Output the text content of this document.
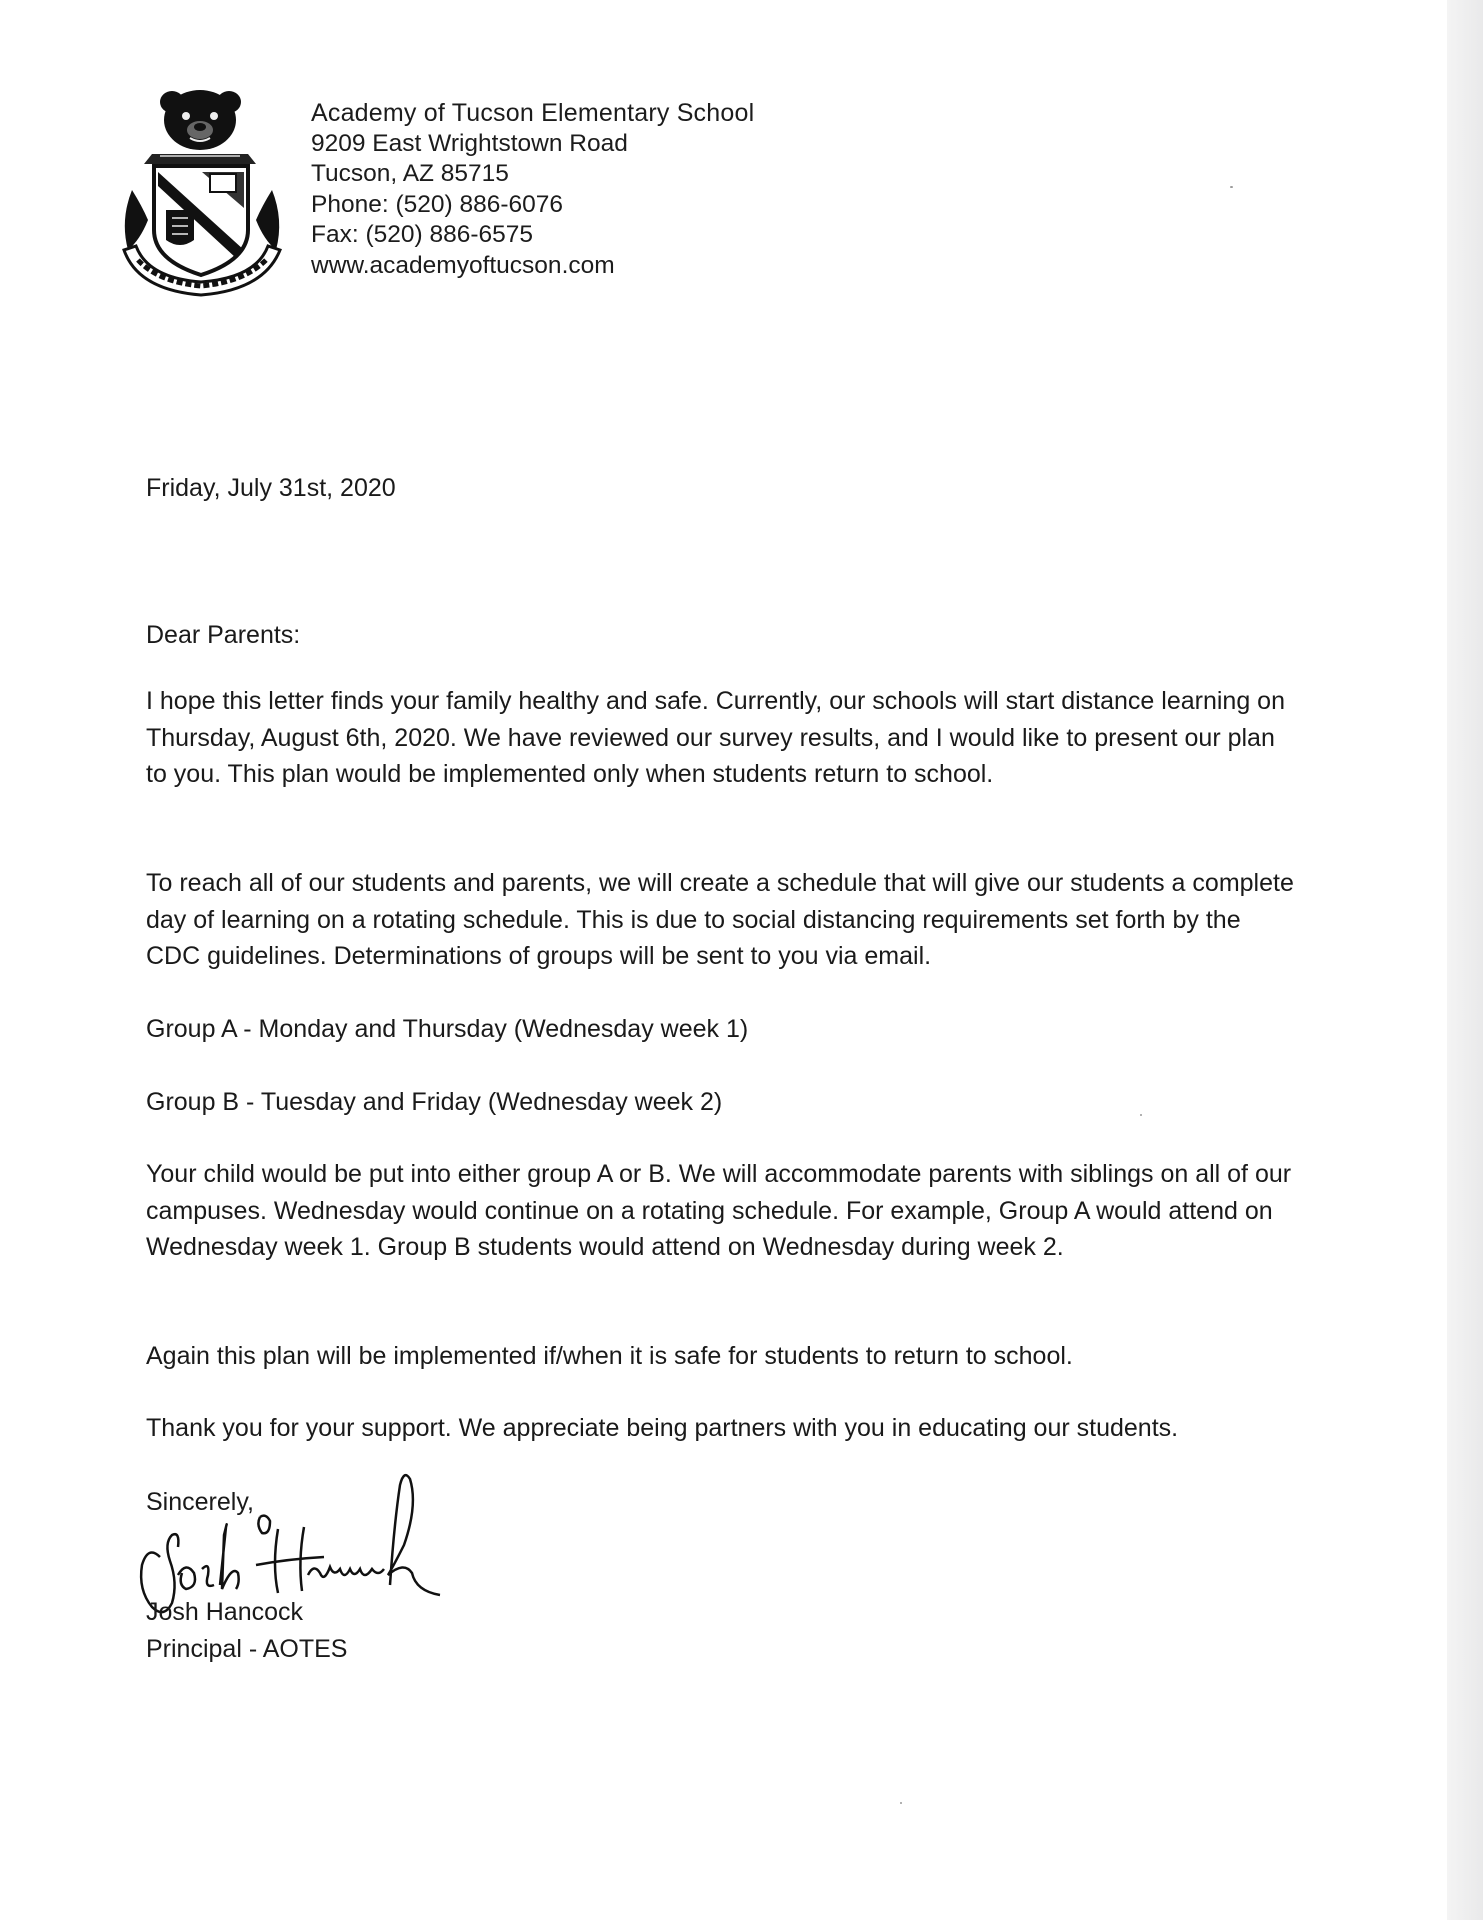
Academy of Tucson Elementary School
9209 East Wrightstown Road
Tucson, AZ 85715
Phone: (520) 886-6076
Fax: (520) 886-6575
www.academyoftucson.com

Friday, July 31st, 2020

Dear Parents:

I hope this letter finds your family healthy and safe. Currently, our schools will start distance learning on Thursday, August 6th, 2020. We have reviewed our survey results, and I would like to present our plan to you. This plan would be implemented only when students return to school.

To reach all of our students and parents, we will create a schedule that will give our students a complete day of learning on a rotating schedule. This is due to social distancing requirements set forth by the CDC guidelines. Determinations of groups will be sent to you via email.

Group A - Monday and Thursday (Wednesday week 1)

Group B - Tuesday and Friday (Wednesday week 2)

Your child would be put into either group A or B. We will accommodate parents with siblings on all of our campuses. Wednesday would continue on a rotating schedule. For example, Group A would attend on Wednesday week 1. Group B students would attend on Wednesday during week 2.

Again this plan will be implemented if/when it is safe for students to return to school.

Thank you for your support. We appreciate being partners with you in educating our students.

Sincerely,

Josh Hancock

Principal - AOTES
